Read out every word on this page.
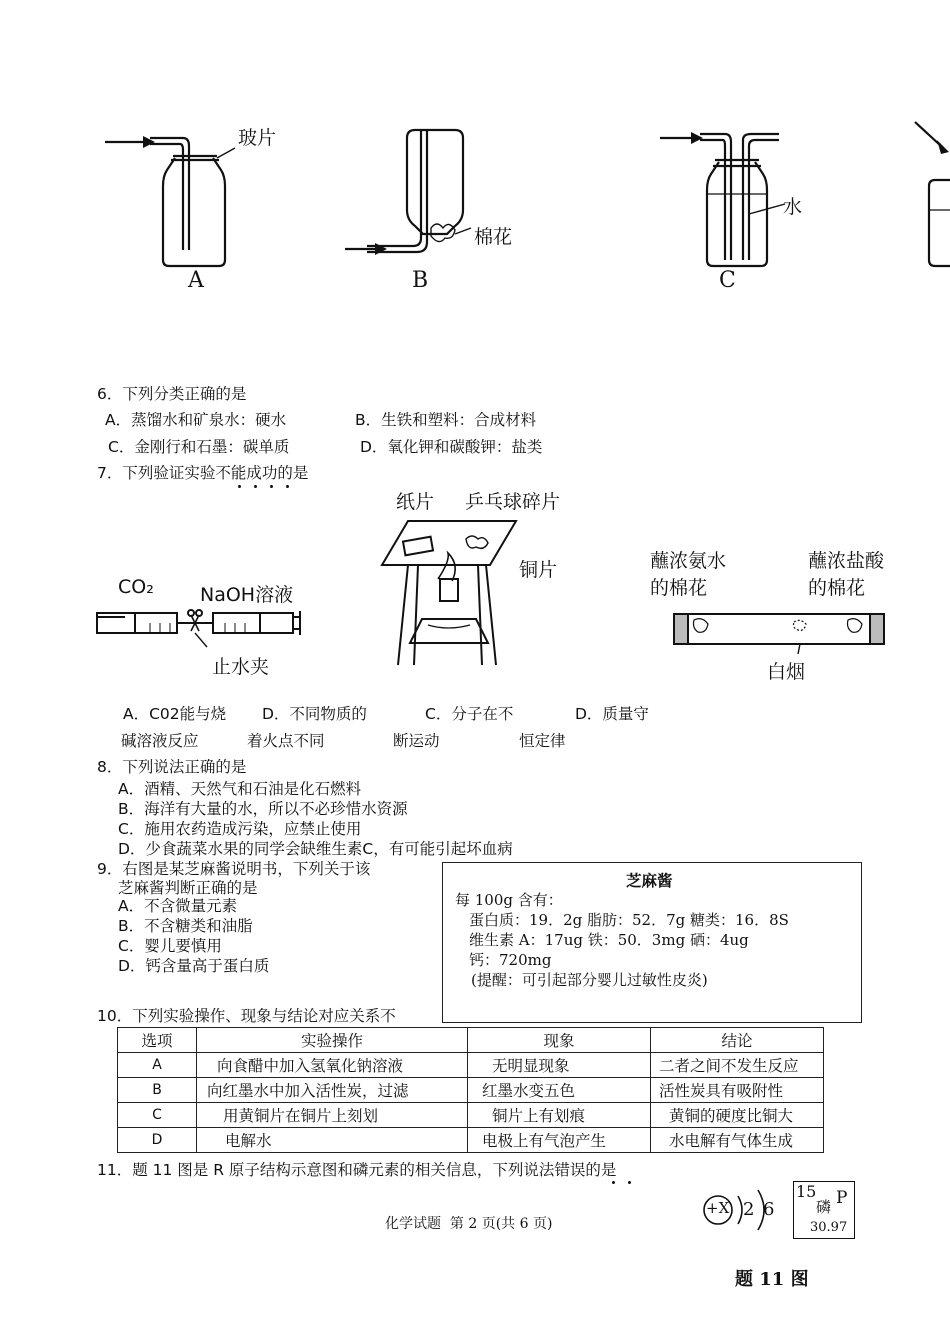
玻片
棉花
水
A	B	C
6．下列分类正确的是
A．蒸馏水和矿泉水：硬水	B．生铁和塑料：合成材料
C．金刚行和石墨：碳单质	D．氧化钾和碳酸钾：盐类
7．下列验证实验不能成功的是
CO₂ NaOH溶液
止水夹
纸片 乒乓球碎片
铜片	蘸浓氨水
的棉花
蘸浓盐酸
的棉花
白烟
A．C02能与烧
碱溶液反应
D．不同物质的
着火点不同
C．分子在不
断运动
D．质量守
恒定律
8．下列说法正确的是
A．酒精、天然气和石油是化石燃料
B．海洋有大量的水，所以不必珍惜水资源
C．施用农药造成污染，应禁止使用
D．少食蔬菜水果的同学会缺维生素C，有可能引起坏血病
9．右图是某芝麻酱说明书，下列关于该
芝麻酱判断正确的是
A．不含微量元素
B．不含糖类和油脂
C．婴儿要慎用
D．钙含量高于蛋白质
芝麻酱
每 100g 含有：
蛋白质：19．2g 脂肪：52．7g 糖类：16．8S
维生素 A：17ug 铁：50．3mg 硒：4ug
钙：720mg
(提醒：可引起部分婴儿过敏性皮炎)
10．下列实验操作、现象与结论对应关系不
选项	实验操作	现象	结论
A	向食醋中加入氢氧化钠溶液	无明显现象	二者之间不发生反应
B	向红墨水中加入活性炭，过滤	红墨水变五色	活性炭具有吸附性
C	用黄铜片在铜片上刻划	铜片上有划痕	黄铜的硬度比铜大
D	电解水	电极上有气泡产生	水电解有气体生成
11．题 11 图是 R 原子结构示意图和磷元素的相关信息，下列说法错误的是
+X 2 6
15
磷 P
30.97
化学试题  第 2 页(共 6 页)
题 11 图
